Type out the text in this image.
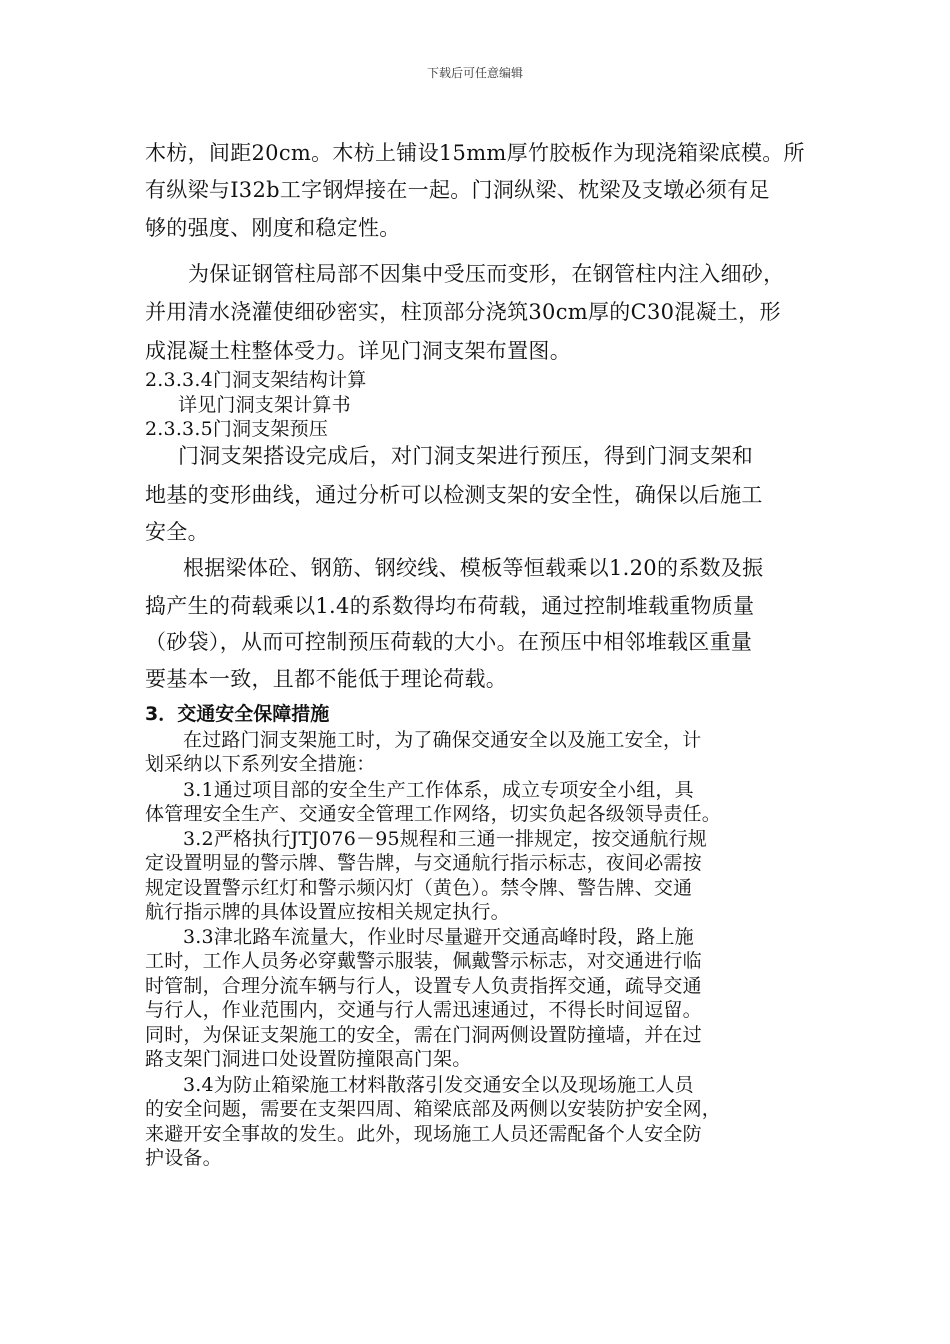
下载后可任意编辑
木枋，间距20cm。木枋上铺设15mm厚竹胶板作为现浇箱梁底模。所
有纵梁与I32b工字钢焊接在一起。门洞纵梁、枕梁及支墩必须有足
够的强度、刚度和稳定性。
为保证钢管柱局部不因集中受压而变形，在钢管柱内注入细砂，
并用清水浇灌使细砂密实，柱顶部分浇筑30cm厚的C30混凝土，形
成混凝土柱整体受力。详见门洞支架布置图。
2.3.3.4门洞支架结构计算
详见门洞支架计算书
2.3.3.5门洞支架预压
门洞支架搭设完成后，对门洞支架进行预压，得到门洞支架和
地基的变形曲线，通过分析可以检测支架的安全性，确保以后施工
安全。
根据梁体砼、钢筋、钢绞线、模板等恒载乘以1.20的系数及振
捣产生的荷载乘以1.4的系数得均布荷载，通过控制堆载重物质量
（砂袋），从而可控制预压荷载的大小。在预压中相邻堆载区重量
要基本一致，且都不能低于理论荷载。
3．交通安全保障措施
在过路门洞支架施工时，为了确保交通安全以及施工安全，计
划采纳以下系列安全措施：
3.1通过项目部的安全生产工作体系，成立专项安全小组，具
体管理安全生产、交通安全管理工作网络，切实负起各级领导责任。
3.2严格执行JTJ076－95规程和三通一排规定，按交通航行规
定设置明显的警示牌、警告牌，与交通航行指示标志，夜间必需按
规定设置警示红灯和警示频闪灯（黄色）。禁令牌、警告牌、交通
航行指示牌的具体设置应按相关规定执行。
3.3津北路车流量大，作业时尽量避开交通高峰时段，路上施
工时，工作人员务必穿戴警示服装，佩戴警示标志，对交通进行临
时管制，合理分流车辆与行人，设置专人负责指挥交通，疏导交通
与行人，作业范围内，交通与行人需迅速通过，不得长时间逗留。
同时，为保证支架施工的安全，需在门洞两侧设置防撞墙，并在过
路支架门洞进口处设置防撞限高门架。
3.4为防止箱梁施工材料散落引发交通安全以及现场施工人员
的安全问题，需要在支架四周、箱梁底部及两侧以安装防护安全网，
来避开安全事故的发生。此外，现场施工人员还需配备个人安全防
护设备。
